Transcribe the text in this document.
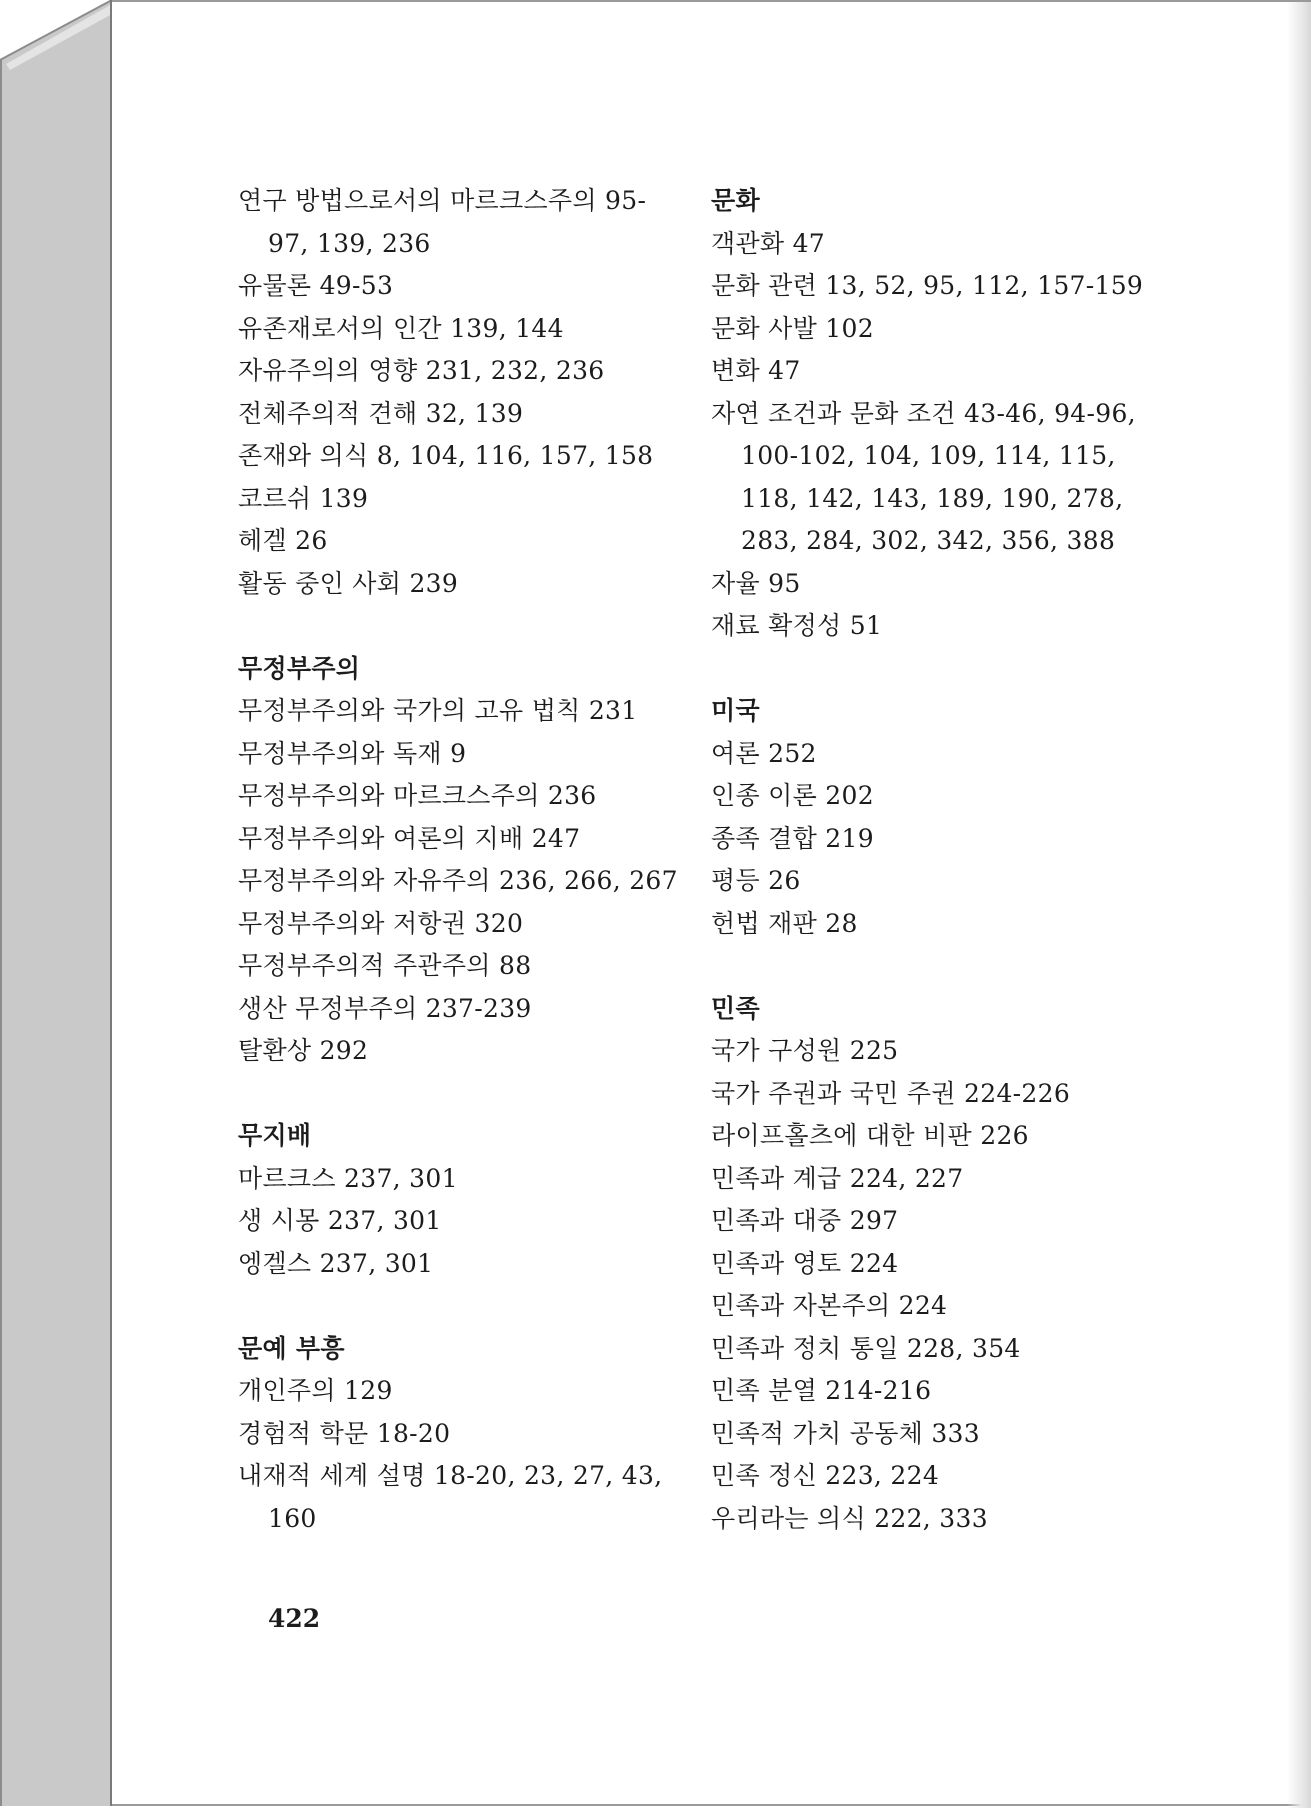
연구 방법으로서의 마르크스주의 95-97, 139, 236
유물론 49-53
유존재로서의 인간 139, 144
자유주의의 영향 231, 232, 236
전체주의적 견해 32, 139
존재와 의식 8, 104, 116, 157, 158
코르쉬 139
헤겔 26
활동 중인 사회 239
무정부주의
무정부주의와 국가의 고유 법칙 231
무정부주의와 독재 9
무정부주의와 마르크스주의 236
무정부주의와 여론의 지배 247
무정부주의와 자유주의 236, 266, 267
무정부주의와 저항권 320
무정부주의적 주관주의 88
생산 무정부주의 237-239
탈환상 292
무지배
마르크스 237, 301
생 시몽 237, 301
엥겔스 237, 301
문예 부흥
개인주의 129
경험적 학문 18-20
내재적 세계 설명 18-20, 23, 27, 43, 160
문화
객관화 47
문화 관련 13, 52, 95, 112, 157-159
문화 사발 102
변화 47
자연 조건과 문화 조건 43-46, 94-96, 100-102, 104, 109, 114, 115, 118, 142, 143, 189, 190, 278, 283, 284, 302, 342, 356, 388
자율 95
재료 확정성 51
미국
여론 252
인종 이론 202
종족 결합 219
평등 26
헌법 재판 28
민족
국가 구성원 225
국가 주권과 국민 주권 224-226
라이프홀츠에 대한 비판 226
민족과 계급 224, 227
민족과 대중 297
민족과 영토 224
민족과 자본주의 224
민족과 정치 통일 228, 354
민족 분열 214-216
민족적 가치 공동체 333
민족 정신 223, 224
우리라는 의식 222, 333
422
